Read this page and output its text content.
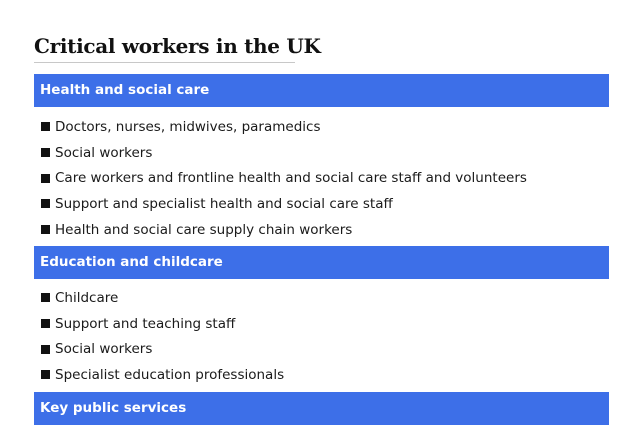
Critical workers in the UK
Health and social care
Doctors, nurses, midwives, paramedics
Social workers
Care workers and frontline health and social care staff and volunteers
Support and specialist health and social care staff
Health and social care supply chain workers
Education and childcare
Childcare
Support and teaching staff
Social workers
Specialist education professionals
Key public services
